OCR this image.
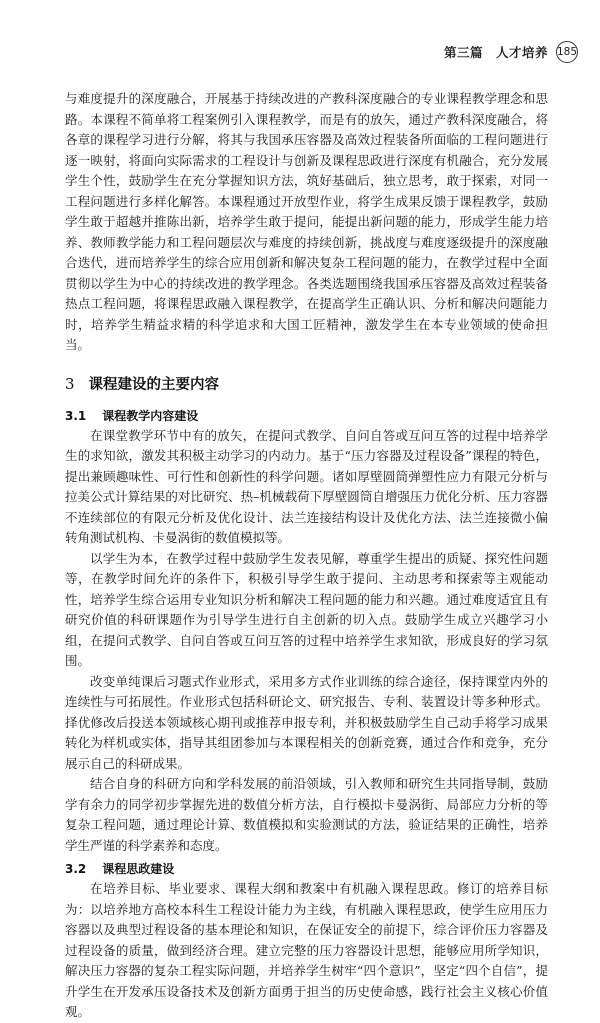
第三篇　人才培养 185

与难度提升的深度融合，开展基于持续改进的产教科深度融合的专业课程教学理念和思路。本课程不简单将工程案例引入课程教学，而是有的放矢，通过产教科深度融合，将各章的课程学习进行分解，将其与我国承压容器及高效过程装备所面临的工程问题进行逐一映射，将面向实际需求的工程设计与创新及课程思政进行深度有机融合，充分发展学生个性，鼓励学生在充分掌握知识方法，筑好基础后，独立思考，敢于探索，对同一工程问题进行多样化解答。本课程通过开放型作业，将学生成果反馈于课程教学，鼓励学生敢于超越并推陈出新，培养学生敢于提问，能提出新问题的能力，形成学生能力培养、教师教学能力和工程问题层次与难度的持续创新，挑战度与难度逐级提升的深度融合迭代，进而培养学生的综合应用创新和解决复杂工程问题的能力，在教学过程中全面贯彻以学生为中心的持续改进的教学理念。各类选题围绕我国承压容器及高效过程装备热点工程问题，将课程思政融入课程教学，在提高学生正确认识、分析和解决问题能力时，培养学生精益求精的科学追求和大国工匠精神，激发学生在本专业领域的使命担当。

3 课程建设的主要内容
3.1 课程教学内容建设

在课堂教学环节中有的放矢，在提问式教学、自问自答或互问互答的过程中培养学生的求知欲，激发其积极主动学习的内动力。基于“压力容器及过程设备”课程的特色，提出兼顾趣味性、可行性和创新性的科学问题。诸如厚壁圆筒弹塑性应力有限元分析与拉美公式计算结果的对比研究、热–机械载荷下厚壁圆筒自增强压力优化分析、压力容器不连续部位的有限元分析及优化设计、法兰连接结构设计及优化方法、法兰连接微小偏转角测试机构、卡曼涡街的数值模拟等。

以学生为本，在教学过程中鼓励学生发表见解，尊重学生提出的质疑、探究性问题等，在教学时间允许的条件下，积极引导学生敢于提问、主动思考和探索等主观能动性，培养学生综合运用专业知识分析和解决工程问题的能力和兴趣。通过难度适宜且有研究价值的科研课题作为引导学生进行自主创新的切入点。鼓励学生成立兴趣学习小组，在提问式教学、自问自答或互问互答的过程中培养学生求知欲，形成良好的学习氛围。

改变单纯课后习题式作业形式，采用多方式作业训练的综合途径，保持课堂内外的连续性与可拓展性。作业形式包括科研论文、研究报告、专利、装置设计等多种形式。择优修改后投送本领域核心期刊或推荐申报专利，并积极鼓励学生自己动手将学习成果转化为样机或实体，指导其组团参加与本课程相关的创新竞赛，通过合作和竞争，充分展示自己的科研成果。

结合自身的科研方向和学科发展的前沿领域，引入教师和研究生共同指导制，鼓励学有余力的同学初步掌握先进的数值分析方法，自行模拟卡曼涡街、局部应力分析的等复杂工程问题，通过理论计算、数值模拟和实验测试的方法，验证结果的正确性，培养学生严谨的科学素养和态度。

3.2 课程思政建设

在培养目标、毕业要求、课程大纲和教案中有机融入课程思政。修订的培养目标为：以培养地方高校本科生工程设计能力为主线，有机融入课程思政，使学生应用压力容器以及典型过程设备的基本理论和知识，在保证安全的前提下，综合评价压力容器及过程设备的质量，做到经济合理。建立完整的压力容器设计思想，能够应用所学知识，解决压力容器的复杂工程实际问题，并培养学生树牢“四个意识”，坚定“四个自信”，提升学生在开发承压设备技术及创新方面勇于担当的历史使命感，践行社会主义核心价值观。
